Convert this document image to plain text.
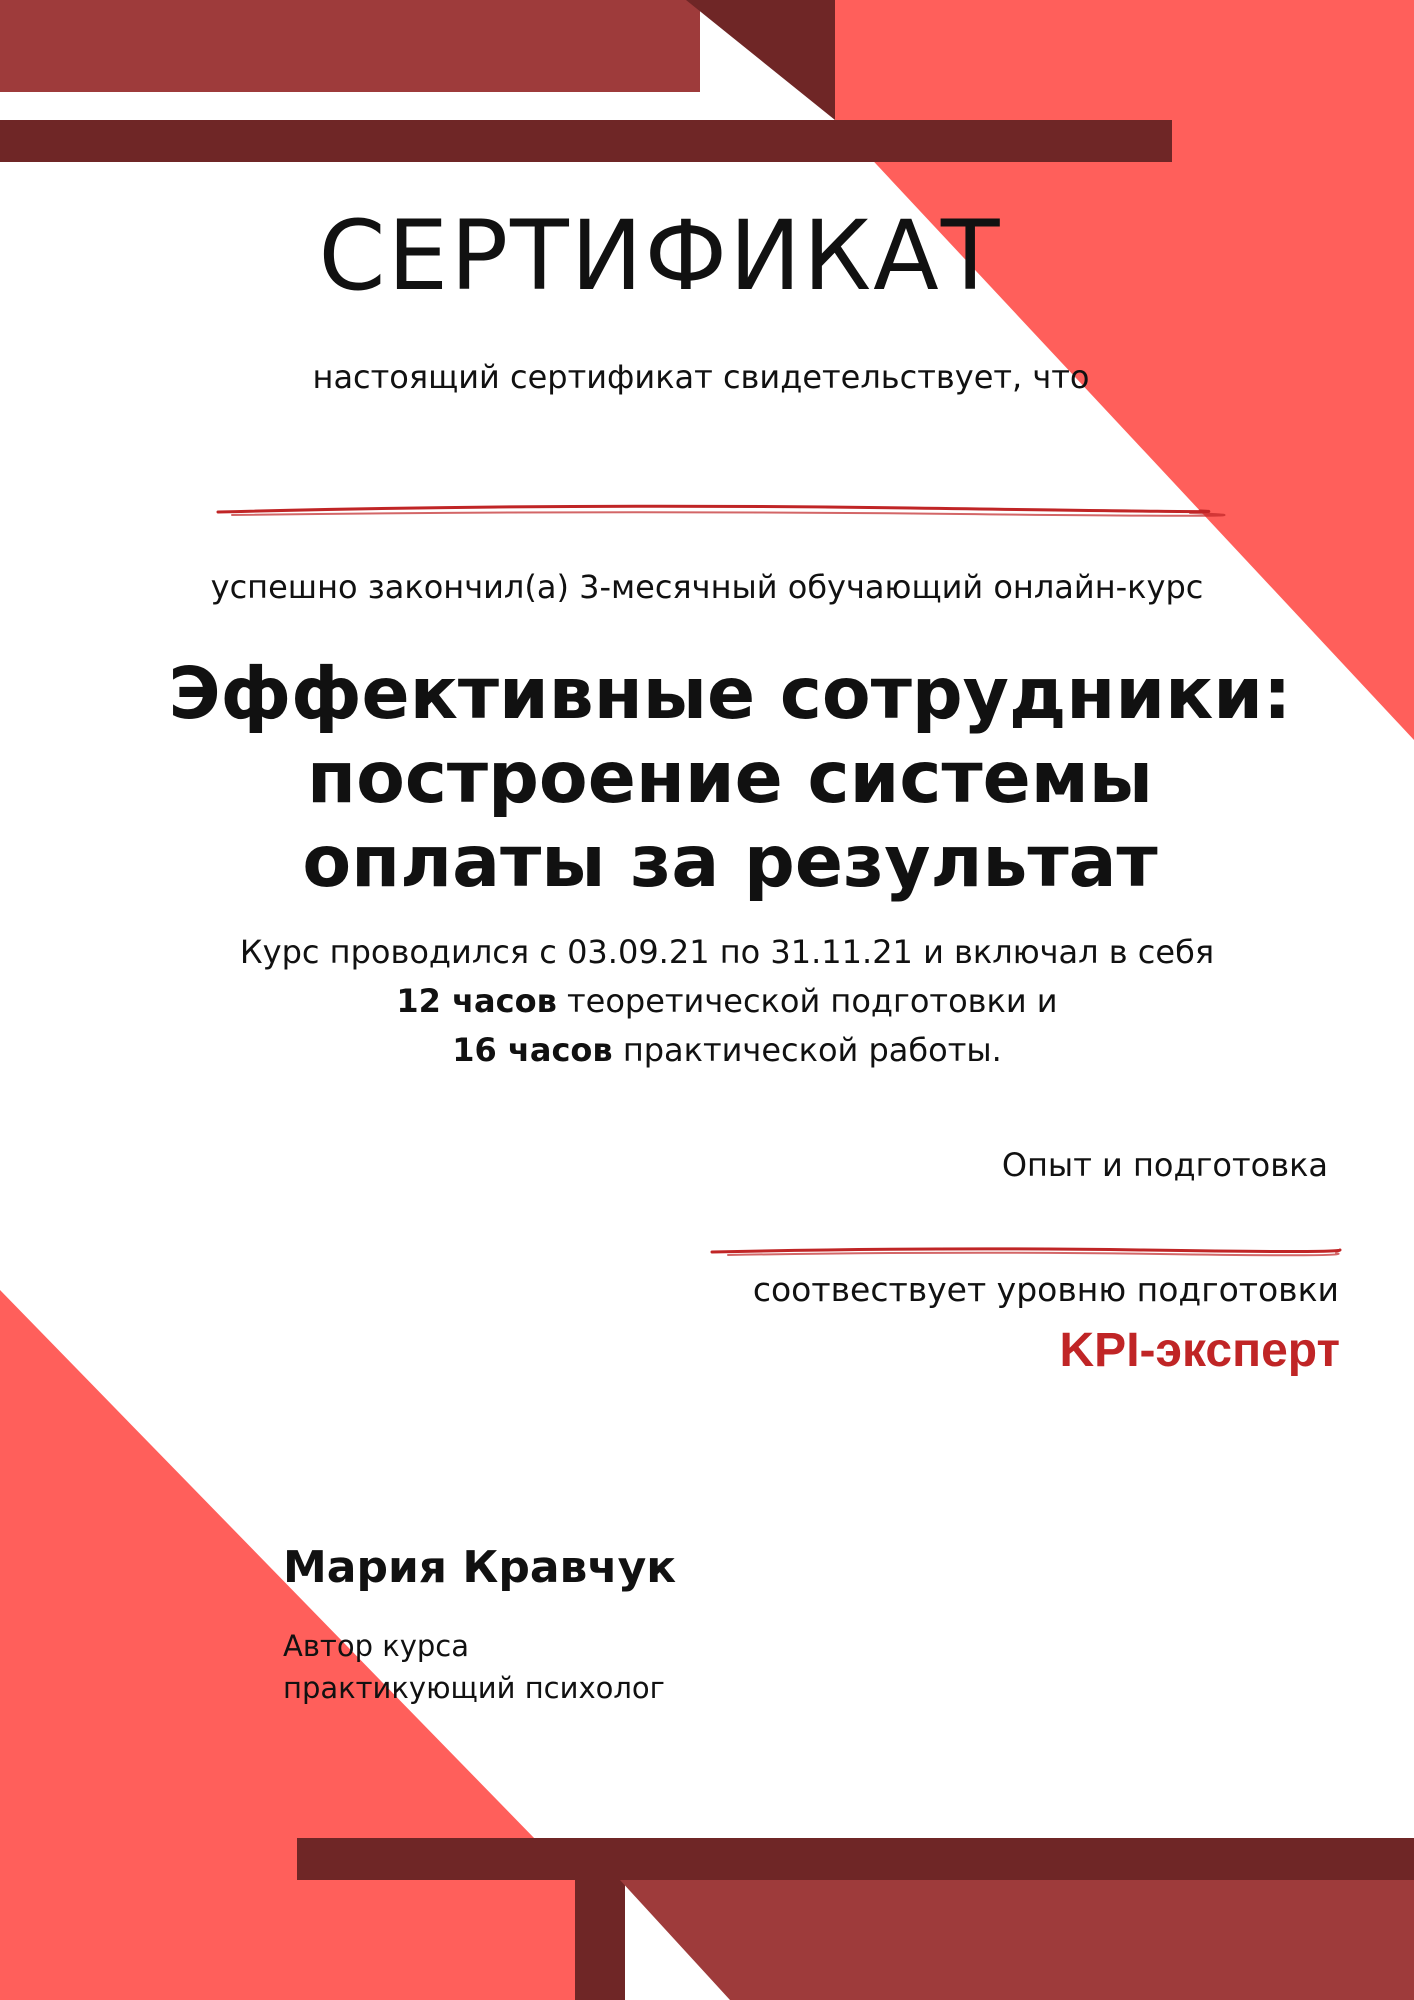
СЕРТИФИКАТ

настоящий сертификат свидетельствует, что

успешно закончил(а) 3-месячный обучающий онлайн-курс

Эффективные сотрудники:
построение системы
оплаты за результат
Курс проводился с 03.09.21 по 31.11.21 и включал в себя
12 часов теоретической подготовки и
16 часов практической работы.

Опыт и подготовка

соотвествует уровню подготовки

KPI-эксперт

Мария Кравчук

Автор курса
практикующий психолог
